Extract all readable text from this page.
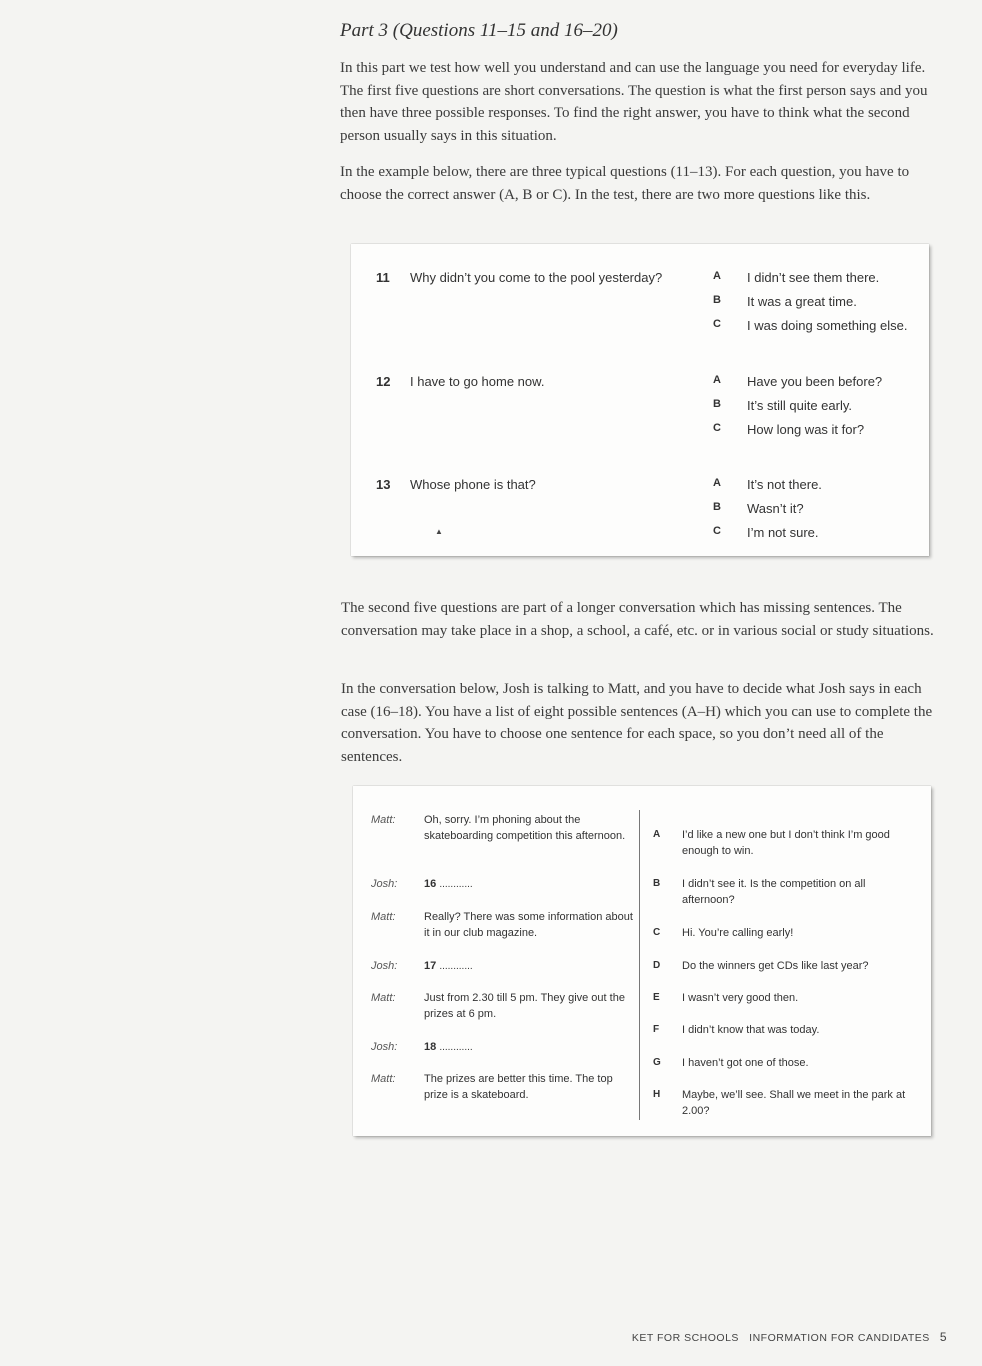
Part 3 (Questions 11–15 and 16–20)
In this part we test how well you understand and can use the language you need for everyday life. The first five questions are short conversations. The question is what the first person says and you then have three possible responses. To find the right answer, you have to think what the second person usually says in this situation.
In the example below, there are three typical questions (11–13). For each question, you have to choose the correct answer (A, B or C). In the test, there are two more questions like this.
11 Why didn’t you come to the pool yesterday?	A	I didn’t see them there.
B	It was a great time.
C	I was doing something else.
12 I have to go home now.	A	Have you been before?
B	It’s still quite early.
C	How long was it for?
13 Whose phone is that?	A	It’s not there.
B	Wasn’t it?
C	I’m not sure.
▲
The second five questions are part of a longer conversation which has missing sentences. The conversation may take place in a shop, a school, a café, etc. or in various social or study situations.
In the conversation below, Josh is talking to Matt, and you have to decide what Josh says in each case (16–18). You have a list of eight possible sentences (A–H) which you can use to complete the conversation. You have to choose one sentence for each space, so you don’t need all of the sentences.
Matt:	Oh, sorry. I’m phoning about the skateboarding competition this afternoon.
Josh: 16 ............
Matt:	Really? There was some information about it in our club magazine.
Josh: 17 ............
Matt:	Just from 2.30 till 5 pm. They give out the prizes at 6 pm.
Josh: 18 ............
Matt:	The prizes are better this time. The top prize is a skateboard.
A I’d like a new one but I don’t think I’m good enough to win.
B I didn’t see it. Is the competition on all afternoon?
C Hi. You’re calling early!
D Do the winners get CDs like last year?
E I wasn’t very good then.
F I didn’t know that was today.
G I haven’t got one of those.
H Maybe, we’ll see. Shall we meet in the park at 2.00?
KET FOR SCHOOLS   INFORMATION FOR CANDIDATES 5
